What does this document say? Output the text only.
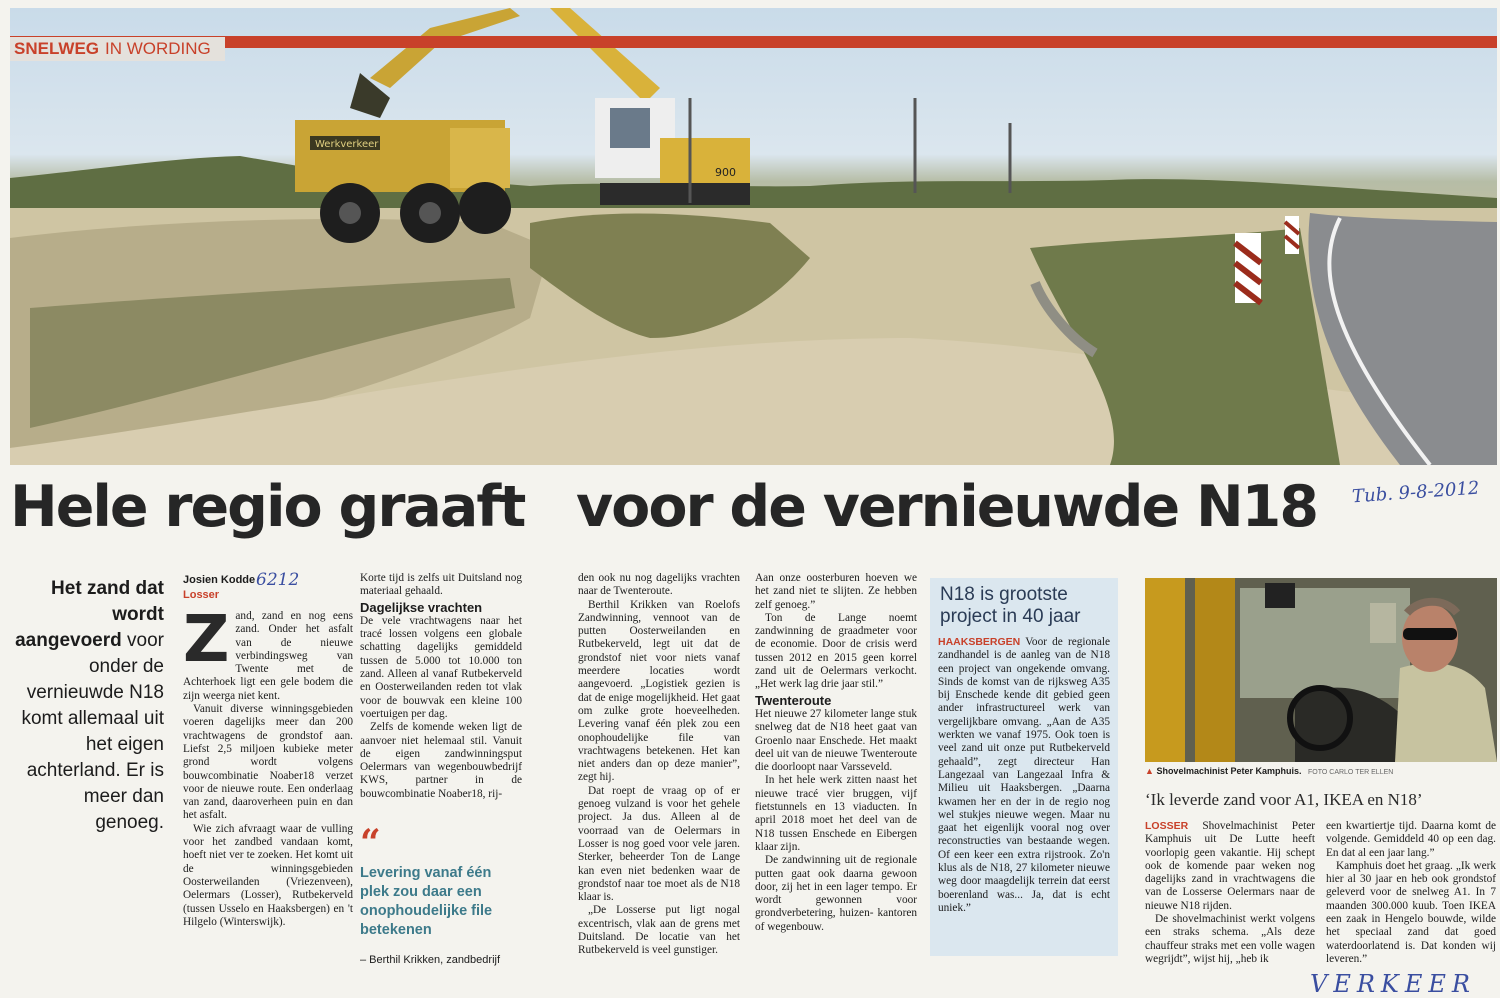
Werkverkeer
900
SNELWEG IN WORDING
Hele regio graaft voor de vernieuwde N18 Tub. 9-8-2012
6212
VERKEER
Het zand dat wordt aangevoerd voor onder de vernieuwde N18 komt allemaal uit het eigen achterland. Er is meer dan genoeg.
Josien Kodde
Losser
Z and, zand en nog eens zand. Onder het asfalt van de nieuwe verbindingsweg van Twente met de Achterhoek ligt een gele bodem die zijn weerga niet kent.
Vanuit diverse winningsgebieden voeren dagelijks meer dan 200 vrachtwagens de grondstof aan. Liefst 2,5 miljoen kubieke meter grond wordt volgens bouwcombinatie Noaber18 verzet voor de nieuwe route. Een onderlaag van zand, daaroverheen puin en dan het asfalt.
Wie zich afvraagt waar de vulling voor het zandbed vandaan komt, hoeft niet ver te zoeken. Het komt uit de winningsgebieden Oosterweilanden (Vriezenveen), Oelermars (Losser), Rutbekerveld (tussen Usselo en Haaksbergen) en 't Hilgelo (Winterswijk).
Korte tijd is zelfs uit Duitsland nog materiaal gehaald.
Dagelijkse vrachten
De vele vrachtwagens naar het tracé lossen volgens een globale schatting dagelijks gemiddeld tussen de 5.000 tot 10.000 ton zand. Alleen al vanaf Rutbekerveld en Oosterweilanden reden tot vlak voor de bouwvak een kleine 100 voertuigen per dag.
Zelfs de komende weken ligt de aanvoer niet helemaal stil. Vanuit de eigen zandwinningsput Oelermars van wegenbouwbedrijf KWS, partner in de bouwcombinatie Noaber18, rij-
“
Levering vanaf één plek zou daar een onophoudelijke file betekenen
– Berthil Krikken, zandbedrijf
den ook nu nog dagelijks vrachten naar de Twenteroute.
Berthil Krikken van Roelofs Zandwinning, vennoot van de putten Oosterweilanden en Rutbekerveld, legt uit dat de grondstof niet voor niets vanaf meerdere locaties wordt aangevoerd. „Logistiek gezien is dat de enige mogelijkheid. Het gaat om zulke grote hoeveelheden. Levering vanaf één plek zou een onophoudelijke file van vrachtwagens betekenen. Het kan niet anders dan op deze manier”, zegt hij.
Dat roept de vraag op of er genoeg vulzand is voor het gehele project. Ja dus. Alleen al de voorraad van de Oelermars in Losser is nog goed voor vele jaren. Sterker, beheerder Ton de Lange kan even niet bedenken waar de grondstof naar toe moet als de N18 klaar is.
„De Losserse put ligt nogal excentrisch, vlak aan de grens met Duitsland. De locatie van het Rutbekerveld is veel gunstiger.
Aan onze oosterburen hoeven we het zand niet te slijten. Ze hebben zelf genoeg.”
Ton de Lange noemt zandwinning de graadmeter voor de economie. Door de crisis werd tussen 2012 en 2015 geen korrel zand uit de Oelermars verkocht. „Het werk lag drie jaar stil.”
Twenteroute
Het nieuwe 27 kilometer lange stuk snelweg dat de N18 heet gaat van Groenlo naar Enschede. Het maakt deel uit van de nieuwe Twenteroute die doorloopt naar Varsseveld.
In het hele werk zitten naast het nieuwe tracé vier bruggen, vijf fietstunnels en 13 viaducten. In april 2018 moet het deel van de N18 tussen Enschede en Eibergen klaar zijn.
De zandwinning uit de regionale putten gaat ook daarna gewoon door, zij het in een lager tempo. Er wordt gewonnen voor grondverbetering, huizen- kantoren of wegenbouw.
N18 is grootste project in 40 jaar
HAAKSBERGEN Voor de regionale zandhandel is de aanleg van de N18 een project van ongekende omvang. Sinds de komst van de rijksweg A35 bij Enschede kende dit gebied geen ander infrastructureel werk van vergelijkbare omvang. „Aan de A35 werkten we vanaf 1975. Ook toen is veel zand uit onze put Rutbekerveld gehaald”, zegt directeur Han Langezaal van Langezaal Infra & Milieu uit Haaksbergen. „Daarna kwamen her en der in de regio nog wel stukjes nieuwe wegen. Maar nu gaat het eigenlijk vooral nog over reconstructies van bestaande wegen. Of een keer een extra rijstrook. Zo'n klus als de N18, 27 kilometer nieuwe weg door maagdelijk terrein dat eerst boerenland was... Ja, dat is echt uniek.”
▲ Shovelmachinist Peter Kamphuis. FOTO CARLO TER ELLEN
‘Ik leverde zand voor A1, IKEA en N18’
LOSSER Shovelmachinist Peter Kamphuis uit De Lutte heeft voorlopig geen vakantie. Hij schept ook de komende paar weken nog dagelijks zand in vrachtwagens die van de Losserse Oelermars naar de nieuwe N18 rijden.
De shovelmachinist werkt volgens een straks schema. „Als deze chauffeur straks met een volle wagen wegrijdt”, wijst hij, „heb ik
een kwartiertje tijd. Daarna komt de volgende. Gemiddeld 40 op een dag. En dat al een jaar lang.”
Kamphuis doet het graag. „Ik werk hier al 30 jaar en heb ook grondstof geleverd voor de snelweg A1. In 7 maanden 300.000 kuub. Toen IKEA een zaak in Hengelo bouwde, wilde het speciaal zand dat goed waterdoorlatend is. Dat konden wij leveren.”
